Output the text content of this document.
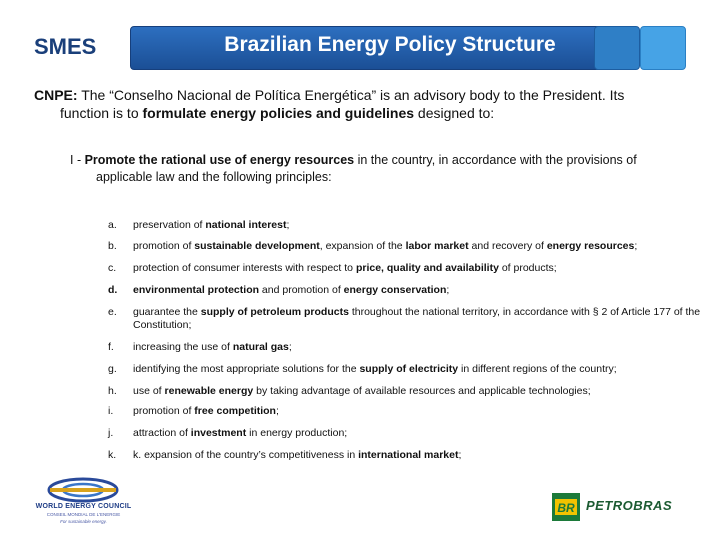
SMES	Brazilian Energy Policy Structure
CNPE: The “Conselho Nacional de Política Energética” is an advisory body to the President. Its
function is to formulate energy policies and guidelines designed to:
I - Promote the rational use of energy resources in the country, in accordance with the provisions of
applicable law and the following principles:
a. preservation of national interest;
b. promotion of sustainable development, expansion of the labor market and recovery of energy resources;
c. protection of consumer interests with respect to price, quality and availability of products;
d. environmental protection and promotion of energy conservation;
e. guarantee the supply of petroleum products throughout the national territory, in accordance with § 2 of Article 177 of the Constitution;
f. increasing the use of natural gas;
g. identifying the most appropriate solutions for the supply of electricity in different regions of the country;
h. use of renewable energy by taking advantage of available resources and applicable technologies;
i. promotion of free competition;
j. attraction of investment in energy production;
k. k. expansion of the country’s competitiveness in international market;
WORLD ENERGY COUNCIL
CONSEIL MONDIAL DE L'ENERGIE
For sustainable energy.
BR PETROBRAS
